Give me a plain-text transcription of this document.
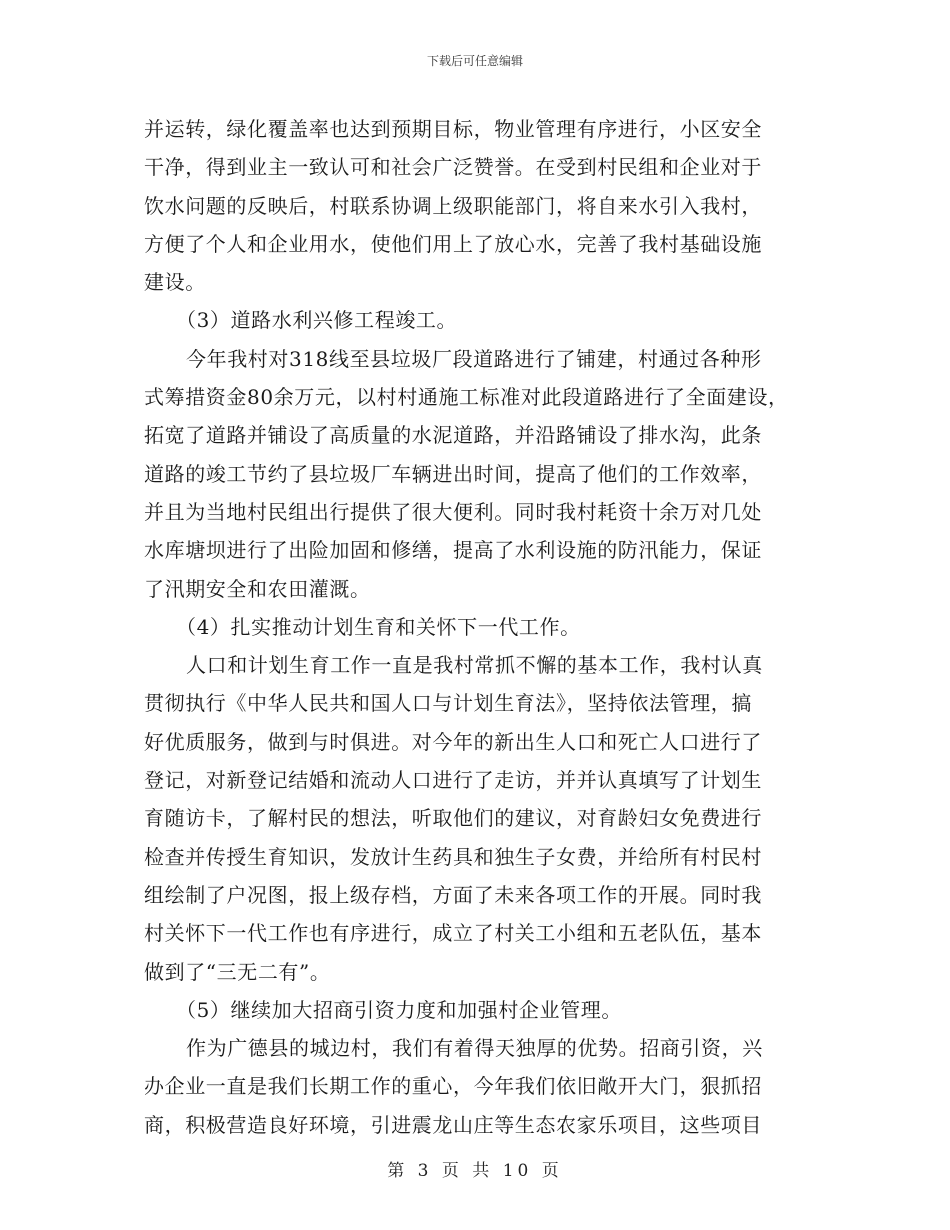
下载后可任意编辑
并运转，绿化覆盖率也达到预期目标，物业管理有序进行，小区安全
干净，得到业主一致认可和社会广泛赞誉。在受到村民组和企业对于
饮水问题的反映后，村联系协调上级职能部门，将自来水引入我村，
方便了个人和企业用水，使他们用上了放心水，完善了我村基础设施
建设。
（3）道路水利兴修工程竣工。
今年我村对318线至县垃圾厂段道路进行了铺建，村通过各种形
式筹措资金80余万元，以村村通施工标准对此段道路进行了全面建设，
拓宽了道路并铺设了高质量的水泥道路，并沿路铺设了排水沟，此条
道路的竣工节约了县垃圾厂车辆进出时间，提高了他们的工作效率，
并且为当地村民组出行提供了很大便利。同时我村耗资十余万对几处
水库塘坝进行了出险加固和修缮，提高了水利设施的防汛能力，保证
了汛期安全和农田灌溉。
（4）扎实推动计划生育和关怀下一代工作。
人口和计划生育工作一直是我村常抓不懈的基本工作，我村认真
贯彻执行《中华人民共和国人口与计划生育法》，坚持依法管理，搞
好优质服务，做到与时俱进。对今年的新出生人口和死亡人口进行了
登记，对新登记结婚和流动人口进行了走访，并并认真填写了计划生
育随访卡，了解村民的想法，听取他们的建议，对育龄妇女免费进行
检查并传授生育知识，发放计生药具和独生子女费，并给所有村民村
组绘制了户况图，报上级存档，方面了未来各项工作的开展。同时我
村关怀下一代工作也有序进行，成立了村关工小组和五老队伍，基本
做到了“三无二有”。
（5）继续加大招商引资力度和加强村企业管理。
作为广德县的城边村，我们有着得天独厚的优势。招商引资，兴
办企业一直是我们长期工作的重心，今年我们依旧敞开大门，狠抓招
商，积极营造良好环境，引进震龙山庄等生态农家乐项目，这些项目
第 3 页 共 10 页
